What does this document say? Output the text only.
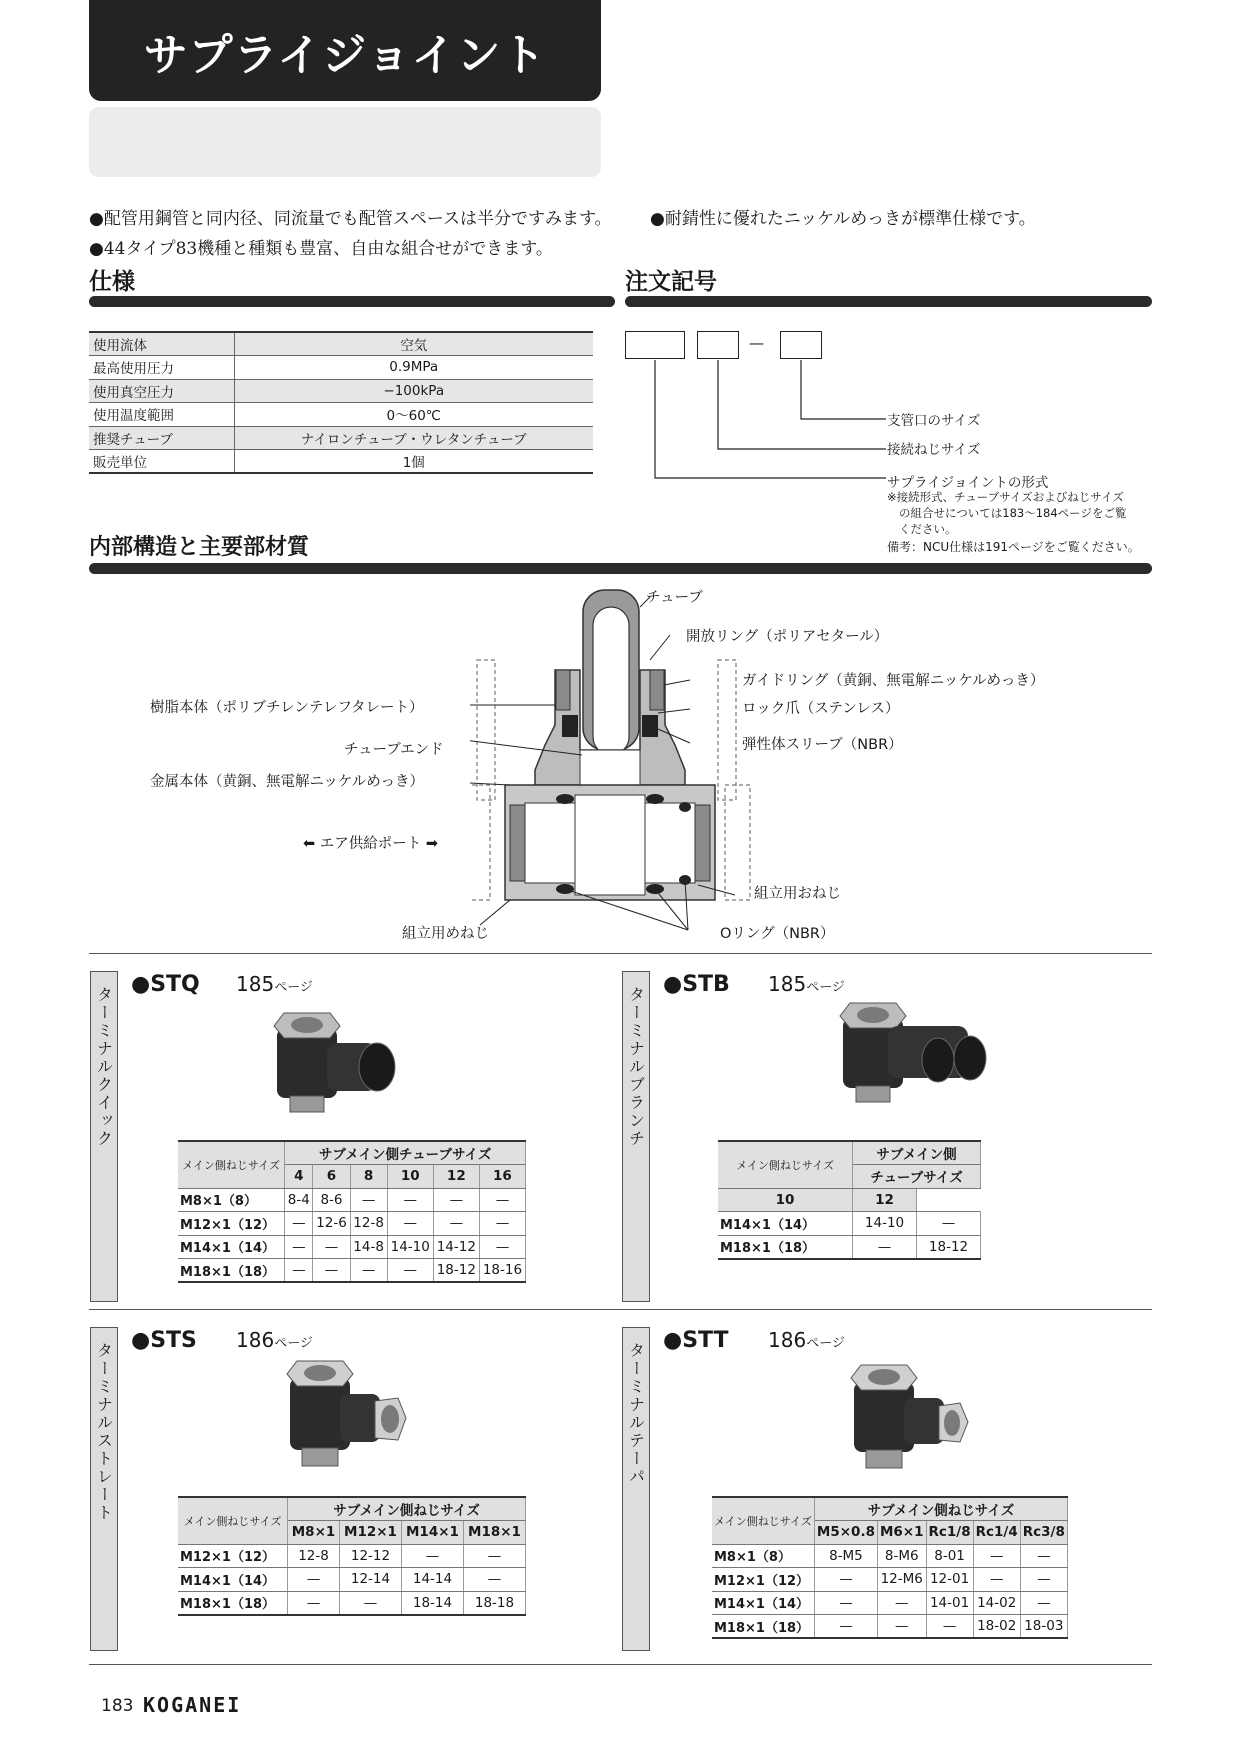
サプライジョイント
●配管用鋼管と同内径、同流量でも配管スペースは半分ですみます。
●44タイプ83機種と種類も豊富、自由な組合せができます。
●耐錆性に優れたニッケルめっきが標準仕様です。
仕様
使用流体	空気
最高使用圧力	0.9MPa
使用真空圧力	−100kPa
使用温度範囲	0〜60℃
推奨チューブ	ナイロンチューブ・ウレタンチューブ
販売単位	1個
注文記号
—
支管口のサイズ
接続ねじサイズ
サプライジョイントの形式
※接続形式、チューブサイズおよびねじサイズ
の組合せについては183〜184ページをご覧
ください。
備考：NCU仕様は191ページをご覧ください。
内部構造と主要部材質
チューブ
開放リング（ポリアセタール）
ガイドリング（黄銅、無電解ニッケルめっき）
ロック爪（ステンレス）
弾性体スリーブ（NBR）
樹脂本体（ポリブチレンテレフタレート）
チューブエンド
金属本体（黄銅、無電解ニッケルめっき）
⬅ エア供給ポート ➡
組立用おねじ
組立用めねじ	Oリング（NBR）
ターミナルクイック
●STQ 185ページ
メイン側ねじサイズ	サブメイン側チューブサイズ					
	4	6	8	10	12	16
M8×1（8）	8-4	8-6	—	—	—	—
M12×1（12）	—	12-6	12-8	—	—	—
M14×1（14）	—	—	14-8	14-10	14-12	—
M18×1（18）	—	—	—	—	18-12	18-16
ターミナルブランチ
●STB 185ページ
メイン側ねじサイズ	サブメイン側	
	チューブサイズ	
10	12	
M14×1（14）	14-10	—
M18×1（18）	—	18-12
ターミナルストレート
●STS 186ページ
メイン側ねじサイズ	サブメイン側ねじサイズ			
	M8×1	M12×1	M14×1	M18×1
M12×1（12）	12-8	12-12	—	—
M14×1（14）	—	12-14	14-14	—
M18×1（18）	—	—	18-14	18-18
ターミナルテーパ
●STT 186ページ
メイン側ねじサイズ	サブメイン側ねじサイズ				
	M5×0.8	M6×1	Rc1/8	Rc1/4	Rc3/8
M8×1（8）	8-M5	8-M6	8-01	—	—
M12×1（12）	—	12-M6	12-01	—	—
M14×1（14）	—	—	14-01	14-02	—
M18×1（18）	—	—	—	18-02	18-03
183 KOGANEI
